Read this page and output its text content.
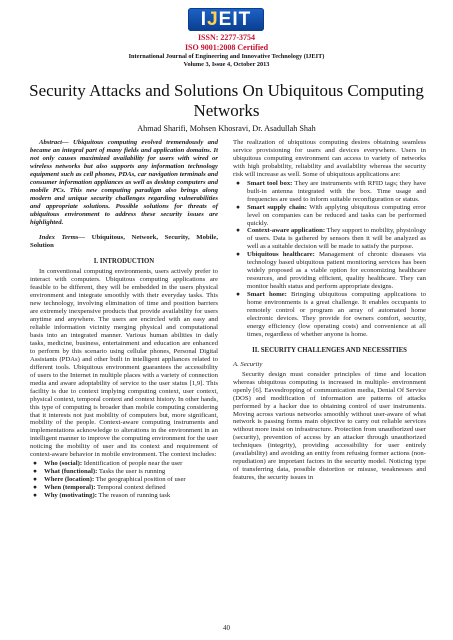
IJEIT
ISSN: 2277-3754
ISO 9001:2008 Certified
International Journal of Engineering and Innovative Technology (IJEIT)
Volume 3, Issue 4, October 2013
Security Attacks and Solutions On Ubiquitous Computing Networks
Ahmad Sharifi, Mohsen Khosravi, Dr. Asadullah Shah

Abstract— Ubiquitous computing evolved tremendously and became an integral part of many fields and application domains. It not only causes maximized availability for users with wired or wireless networks but also supports any information technology equipment such as cell phones, PDAs, car navigation terminals and consumer information appliances as well as desktop computers and mobile PCs. This new computing paradigm also brings along modern and unique security challenges regarding vulnerabilities and appropriate solutions. Possible solutions for threats of ubiquitous environment to address these security issues are highlighted.

Index Terms— Ubiquitous, Network, Security, Mobile, Solution

I. INTRODUCTION

In conventional computing environments, users actively prefer to interact with computers. Ubiquitous computing applications are feasible to be different, they will be embedded in the users physical environment and integrate smoothly with their everyday tasks. This new technology, involving elimination of time and position barriers are extremely inexpensive products that provide availability for users anytime and anywhere. The users are encircled with an easy and reliable information vicinity merging physical and computational basis into an integrated manner. Various human abilities in daily tasks, medicine, business, entertainment and education are enhanced to perform by this scenario using cellular phones, Personal Digital Assistants (PDAs) and other built in intelligent appliances related to different tools. Ubiquitous environment guarantees the accessibility of users to the Internet in multiple places with a variety of connection media and aware adoptability of service to the user status [1,9]. This facility is due to context implying computing context, user context, physical context, temporal context and context history. In other hands, this type of computing is broader than mobile computing considering that it interests not just mobility of computers but, more significant, mobility of the people. Context-aware computing instruments and implementations acknowledge to alterations in the environment in an intelligent manner to improve the computing environment for the user noticing the mobility of user and its context and requirement of context-aware behavior in mobile environment. The context includes:

● Who (social): Identification of people near the user
● What (functional): Tasks the user is running
● Where (location): The geographical position of user
● When (temporal): Temporal context defined
● Why (motivating): The reason of running task

The realization of ubiquitous computing desires obtaining seamless service provisioning for users and devices everywhere. Users in ubiquitous computing environment can access to variety of networks with high probability, reliability and availability whereas the security risk will increase as well. Some of ubiquitous applications are:

● Smart tool box: They are instruments with RFID tags; they have built-in antenna integrated with the box. Time usage and frequencies are used to inform suitable reconfiguration or status.
● Smart supply chain: With applying ubiquitous computing error level on companies can be reduced and tasks can be performed quickly.
● Context-aware application: They support to mobility, physiology of users. Data is gathered by sensors then it will be analyzed as well as a suitable decision will be made to satisfy the purpose.
● Ubiquitous healthcare: Management of chronic diseases via technology based ubiquitous patient monitoring services has been widely proposed as a viable option for economizing healthcare resources, and providing efficient, quality healthcare. They can monitor health status and perform appropriate designs.
● Smart home: Bringing ubiquitous computing applications to home environments is a great challenge. It enables occupants to remotely control or program an array of automated home electronic devices. They provide for owners comfort, security, energy efficiency (low operating costs) and convenience at all times, regardless of whether anyone is home.

II. SECURITY CHALLENGES AND NECESSITIES

A. Security

Security design must consider principles of time and location whereas ubiquitous computing is increased in multiple- environment openly [6]. Eavesdropping of communication media, Denial Of Service (DOS) and modification of information are patterns of attacks performed by a hacker due to obtaining control of user instruments. Moving across various networks smoothly without user-aware of what network is passing forms main objective to carry out reliable services without more insist on infrastructure. Protection from unauthorized user (security), prevention of access by an attacker through unauthorized techniques (integrity), providing accessibility for user entirely (availability) and avoiding an entity from refusing former actions (non-repudiation) are important factors in the security model. Noticing type of transferring data, possible distortion or misuse, weaknesses and features, the security issues in

40
